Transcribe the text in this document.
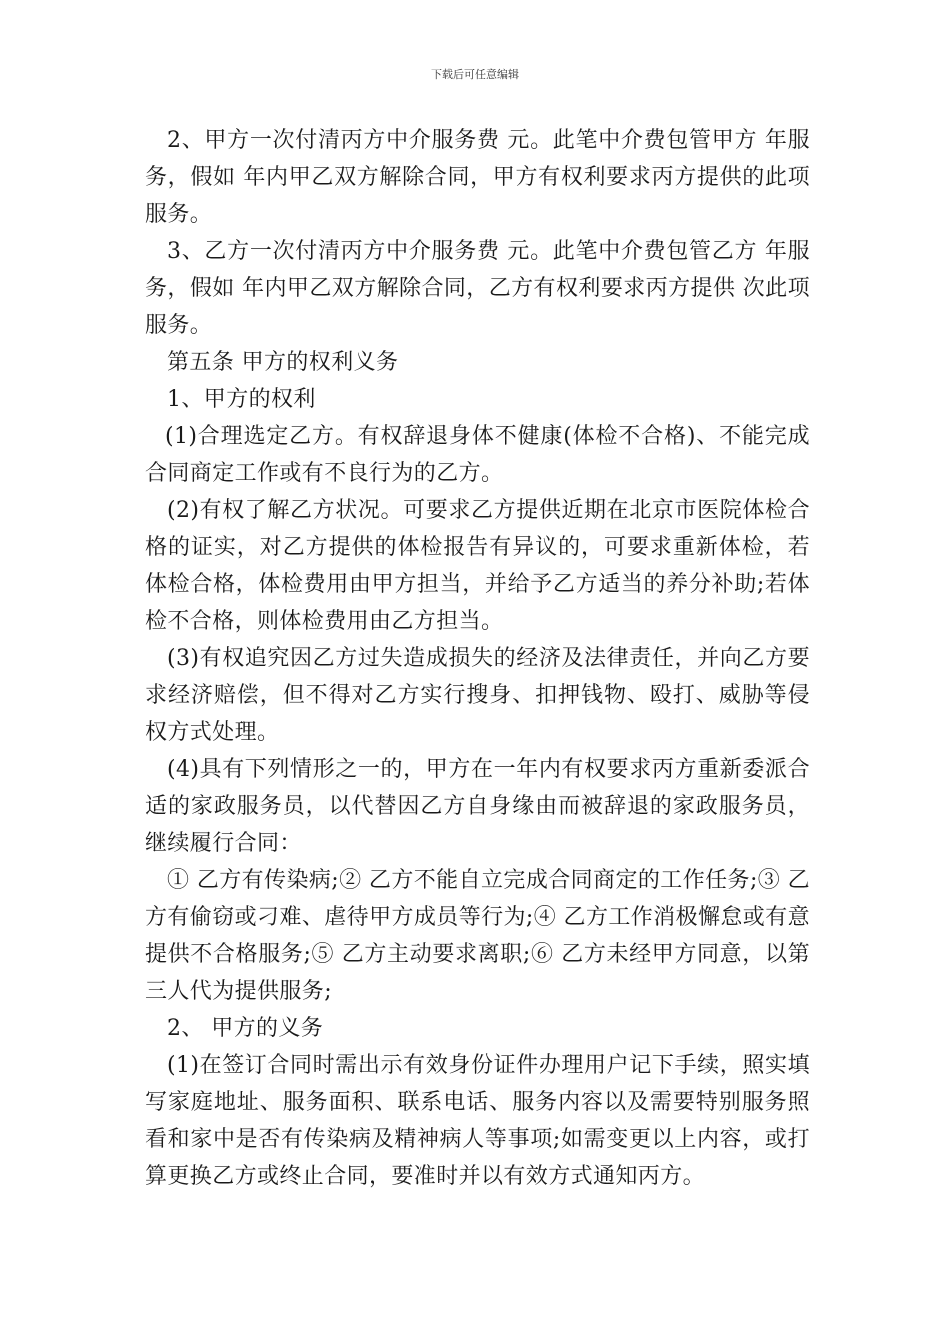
下载后可任意编辑

2、甲方一次付清丙方中介服务费 元。此笔中介费包管甲方 年服务，假如 年内甲乙双方解除合同，甲方有权利要求丙方提供的此项服务。

3、乙方一次付清丙方中介服务费 元。此笔中介费包管乙方 年服务，假如 年内甲乙双方解除合同，乙方有权利要求丙方提供 次此项服务。

第五条 甲方的权利义务

1、甲方的权利

(1)合理选定乙方。有权辞退身体不健康(体检不合格)、不能完成合同商定工作或有不良行为的乙方。

(2)有权了解乙方状况。可要求乙方提供近期在北京市医院体检合格的证实，对乙方提供的体检报告有异议的，可要求重新体检，若体检合格，体检费用由甲方担当，并给予乙方适当的养分补助;若体检不合格，则体检费用由乙方担当。

(3)有权追究因乙方过失造成损失的经济及法律责任，并向乙方要求经济赔偿，但不得对乙方实行搜身、扣押钱物、殴打、威胁等侵权方式处理。

(4)具有下列情形之一的，甲方在一年内有权要求丙方重新委派合适的家政服务员，以代替因乙方自身缘由而被辞退的家政服务员，继续履行合同：

① 乙方有传染病;② 乙方不能自立完成合同商定的工作任务;③ 乙方有偷窃或刁难、虐待甲方成员等行为;④ 乙方工作消极懈怠或有意提供不合格服务;⑤ 乙方主动要求离职;⑥ 乙方未经甲方同意，以第三人代为提供服务;

2、 甲方的义务

(1)在签订合同时需出示有效身份证件办理用户记下手续，照实填写家庭地址、服务面积、联系电话、服务内容以及需要特别服务照看和家中是否有传染病及精神病人等事项;如需变更以上内容，或打算更换乙方或终止合同，要准时并以有效方式通知丙方。
